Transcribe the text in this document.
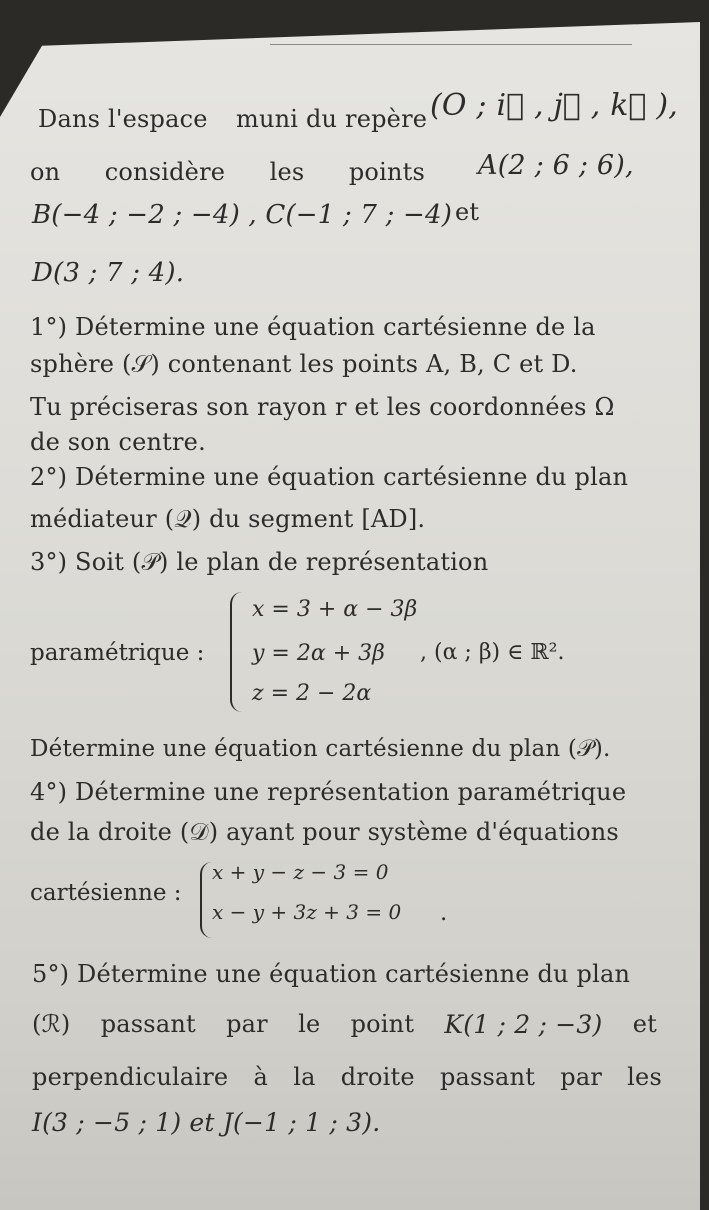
Dans l'espace muni du repère (O ; i⃗ , j⃗ , k⃗ ),
on considère les points A(2 ; 6 ; 6),
B(−4 ; −2 ; −4) , C(−1 ; 7 ; −4) et
D(3 ; 7 ; 4).
1°) Détermine une équation cartésienne de la
sphère (𝒮) contenant les points A, B, C et D.
Tu préciseras son rayon r et les coordonnées Ω
de son centre.
2°) Détermine une équation cartésienne du plan
médiateur (𝒬) du segment [AD].
3°) Soit (𝒫) le plan de représentation
paramétrique :
x = 3 + α − 3β
y = 2α + 3β
z = 2 − 2α
, (α ; β) ∈ ℝ².
Détermine une équation cartésienne du plan (𝒫).
4°) Détermine une représentation paramétrique
de la droite (𝒟) ayant pour système d'équations
cartésienne :
x + y − z − 3 = 0
x − y + 3z + 3 = 0 .
5°) Détermine une équation cartésienne du plan
(ℛ) passant par le point K(1 ; 2 ; −3) et
perpendiculaire à la droite passant par les
I(3 ; −5 ; 1) et J(−1 ; 1 ; 3).
